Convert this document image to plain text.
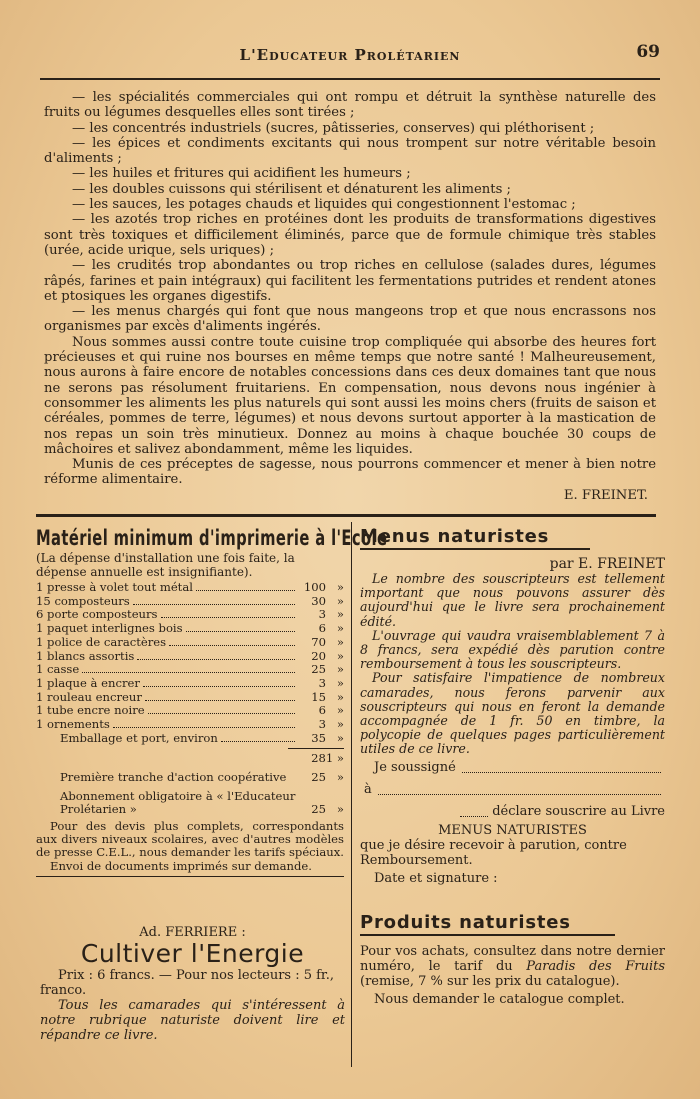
L'Educateur Prolétarien	69

— les spécialités commerciales qui ont rompu et détruit la synthèse naturelle des fruits ou légumes desquelles elles sont tirées ;

— les concentrés industriels (sucres, pâtisseries, conserves) qui pléthorisent ;

— les épices et condiments excitants qui nous trompent sur notre véritable besoin d'aliments ;

— les huiles et fritures qui acidifient les humeurs ;

— les doubles cuissons qui stérilisent et dénaturent les aliments ;

— les sauces, les potages chauds et liquides qui congestionnent l'estomac ;

— les azotés trop riches en protéines dont les produits de transformations digestives sont très toxiques et difficilement éliminés, parce que de formule chimique très stables (urée, acide urique, sels uriques) ;

— les crudités trop abondantes ou trop riches en cellulose (salades dures, légumes râpés, farines et pain intégraux) qui facilitent les fermentations putrides et rendent atones et ptosiques les organes digestifs.

— les menus chargés qui font que nous mangeons trop et que nous encrassons nos organismes par excès d'aliments ingérés.

Nous sommes aussi contre toute cuisine trop compliquée qui absorbe des heures fort précieuses et qui ruine nos bourses en même temps que notre santé ! Malheureusement, nous aurons à faire encore de notables concessions dans ces deux domaines tant que nous ne serons pas résolument fruitariens. En compensation, nous devons nous ingénier à consommer les aliments les plus naturels qui sont aussi les moins chers (fruits de saison et céréales, pommes de terre, légumes) et nous devons surtout apporter à la mastication de nos repas un soin très minutieux. Donnez au moins à chaque bouchée 30 coups de mâchoires et salivez abondamment, même les liquides.

Munis de ces préceptes de sagesse, nous pourrons commencer et mener à bien notre réforme alimentaire.

E. FREINET.

Matériel minimum d'imprimerie à l'Ecole
(La dépense d'installation une fois faite, la dépense annuelle est insignifiante).
1 presse à volet tout métal	100 »
15 composteurs	30 »
6 porte composteurs	3 »
1 paquet interlignes bois	6 »
1 police de caractères	70 »
1 blancs assortis	20 »
1 casse	25 »
1 plaque à encrer	3 »
1 rouleau encreur	15 »
1 tube encre noire	6 »
1 ornements	3 »
Emballage et port, environ	35 »
281 »
Première tranche d'action coopérative	25 »
Abonnement obligatoire à « l'Educateur Prolétarien »	25 »
Pour des devis plus complets, correspondants aux divers niveaux scolaires, avec d'autres modèles de presse C.E.L., nous demander les tarifs spéciaux.
Envoi de documents imprimés sur demande.
Ad. FERRIERE :
Cultiver l'Energie

Prix : 6 francs. — Pour nos lecteurs : 5 fr., franco.

Tous les camarades qui s'intéressent à notre rubrique naturiste doivent lire et répandre ce livre.

Menus naturistes
par E. FREINET

Le nombre des souscripteurs est tellement important que nous pouvons assurer dès aujourd'hui que le livre sera prochainement édité.

L'ouvrage qui vaudra vraisemblablement 7 à 8 francs, sera expédié dès parution contre remboursement à tous les souscripteurs.

Pour satisfaire l'impatience de nombreux camarades, nous ferons parvenir aux souscripteurs qui nous en feront la demande accompagnée de 1 fr. 50 en timbre, la polycopie de quelques pages particulièrement utiles de ce livre.

Je soussigné
à
déclare souscrire au Livre

MENUS NATURISTES

que je désire recevoir à parution, contre Remboursement.

Date et signature :

Produits naturistes

Pour vos achats, consultez dans notre dernier numéro, le tarif du Paradis des Fruits (remise, 7 % sur les prix du catalogue).

Nous demander le catalogue complet.
